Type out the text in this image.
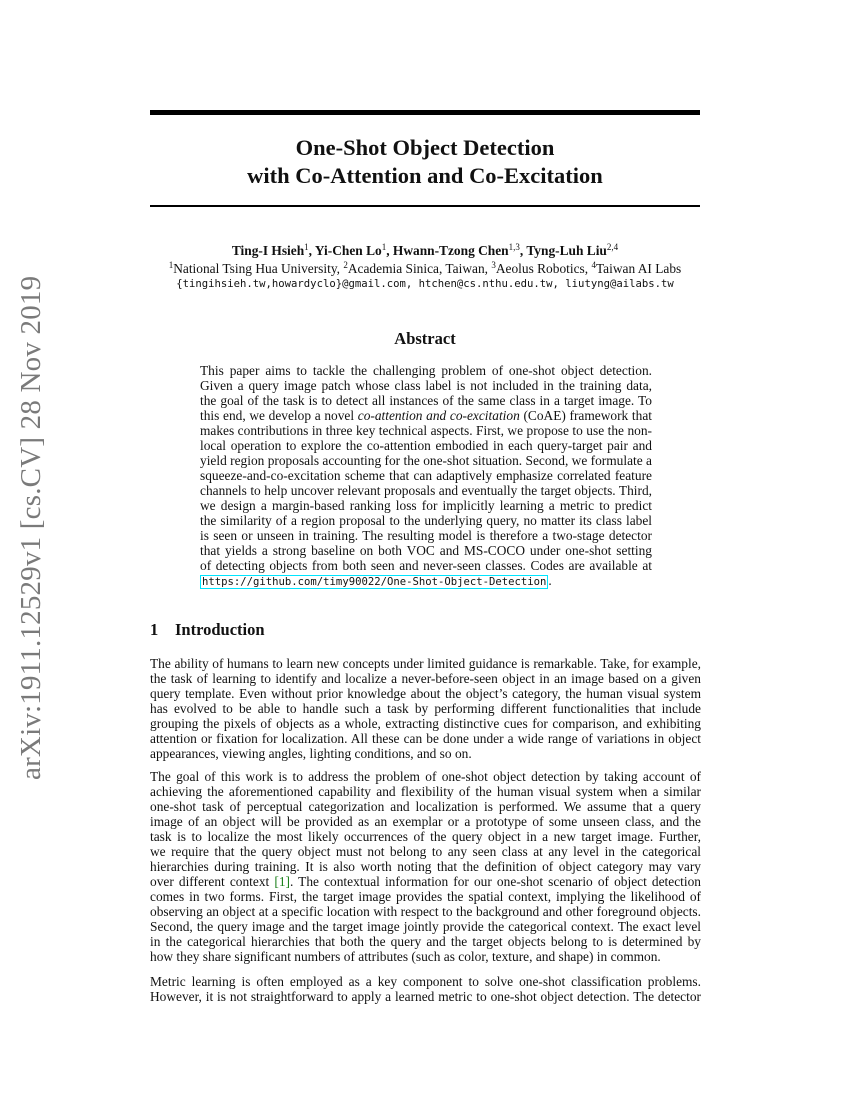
arXiv:1911.12529v1 [cs.CV] 28 Nov 2019
One-Shot Object Detection
with Co-Attention and Co-Excitation
Ting-I Hsieh$^1$, Yi-Chen Lo$^1$, Hwann-Tzong Chen$^{1,3}$, Tyng-Luh Liu$^{2,4}$
$^1$National Tsing Hua University, $^2$Academia Sinica, Taiwan, $^3$Aeolus Robotics, $^4$Taiwan AI Labs
{tingihsieh.tw,howardyclo}@gmail.com, htchen@cs.nthu.edu.tw, liutyng@ailabs.tw
Abstract
This paper aims to tackle the challenging problem of one-shot object detection.
Given a query image patch whose class label is not included in the training data,
the goal of the task is to detect all instances of the same class in a target image. To
this end, we develop a novel co-attention and co-excitation (CoAE) framework that
makes contributions in three key technical aspects. First, we propose to use the non-
local operation to explore the co-attention embodied in each query-target pair and
yield region proposals accounting for the one-shot situation. Second, we formulate a
squeeze-and-co-excitation scheme that can adaptively emphasize correlated feature
channels to help uncover relevant proposals and eventually the target objects. Third,
we design a margin-based ranking loss for implicitly learning a metric to predict
the similarity of a region proposal to the underlying query, no matter its class label
is seen or unseen in training. The resulting model is therefore a two-stage detector
that yields a strong baseline on both VOC and MS-COCO under one-shot setting
of detecting objects from both seen and never-seen classes. Codes are available at
https://github.com/timy90022/One-Shot-Object-Detection .
1 Introduction
The ability of humans to learn new concepts under limited guidance is remarkable. Take, for example,
the task of learning to identify and localize a never-before-seen object in an image based on a given
query template. Even without prior knowledge about the object’s category, the human visual system
has evolved to be able to handle such a task by performing different functionalities that include
grouping the pixels of objects as a whole, extracting distinctive cues for comparison, and exhibiting
attention or fixation for localization. All these can be done under a wide range of variations in object
appearances, viewing angles, lighting conditions, and so on.
The goal of this work is to address the problem of one-shot object detection by taking account of
achieving the aforementioned capability and flexibility of the human visual system when a similar
one-shot task of perceptual categorization and localization is performed. We assume that a query
image of an object will be provided as an exemplar or a prototype of some unseen class, and the
task is to localize the most likely occurrences of the query object in a new target image. Further,
we require that the query object must not belong to any seen class at any level in the categorical
hierarchies during training. It is also worth noting that the definition of object category may vary
over different context [1]. The contextual information for our one-shot scenario of object detection
comes in two forms. First, the target image provides the spatial context, implying the likelihood of
observing an object at a specific location with respect to the background and other foreground objects.
Second, the query image and the target image jointly provide the categorical context. The exact level
in the categorical hierarchies that both the query and the target objects belong to is determined by
how they share significant numbers of attributes (such as color, texture, and shape) in common.
Metric learning is often employed as a key component to solve one-shot classification problems.
However, it is not straightforward to apply a learned metric to one-shot object detection. The detector
